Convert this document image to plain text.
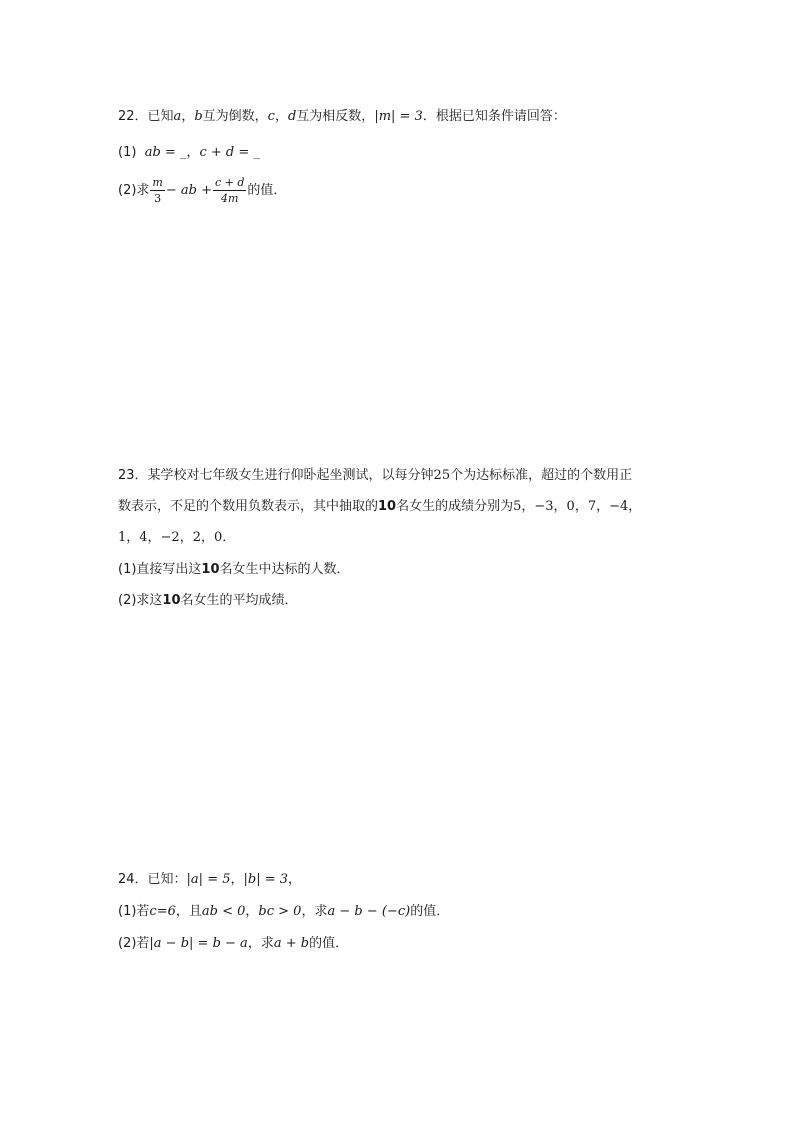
22．已知a，b互为倒数，c，d互为相反数，|m| = 3．根据已知条件请回答：
(1) ab = _，c + d = _
(2)求 $\frac{m}{3}$ − ab + $\frac{c + d}{4m}$ 的值．
23．某学校对七年级女生进行仰卧起坐测试，以每分钟25个为达标标准，超过的个数用正
数表示，不足的个数用负数表示，其中抽取的10名女生的成绩分别为5，−3，0，7，−4，
1，4，−2，2，0．
(1)直接写出这10名女生中达标的人数．
(2)求这10名女生的平均成绩．
24．已知：|a| = 5，|b| = 3，
(1)若c=6，且ab < 0，bc > 0，求a − b − (−c)的值．
(2)若|a − b| = b − a，求a + b的值．
